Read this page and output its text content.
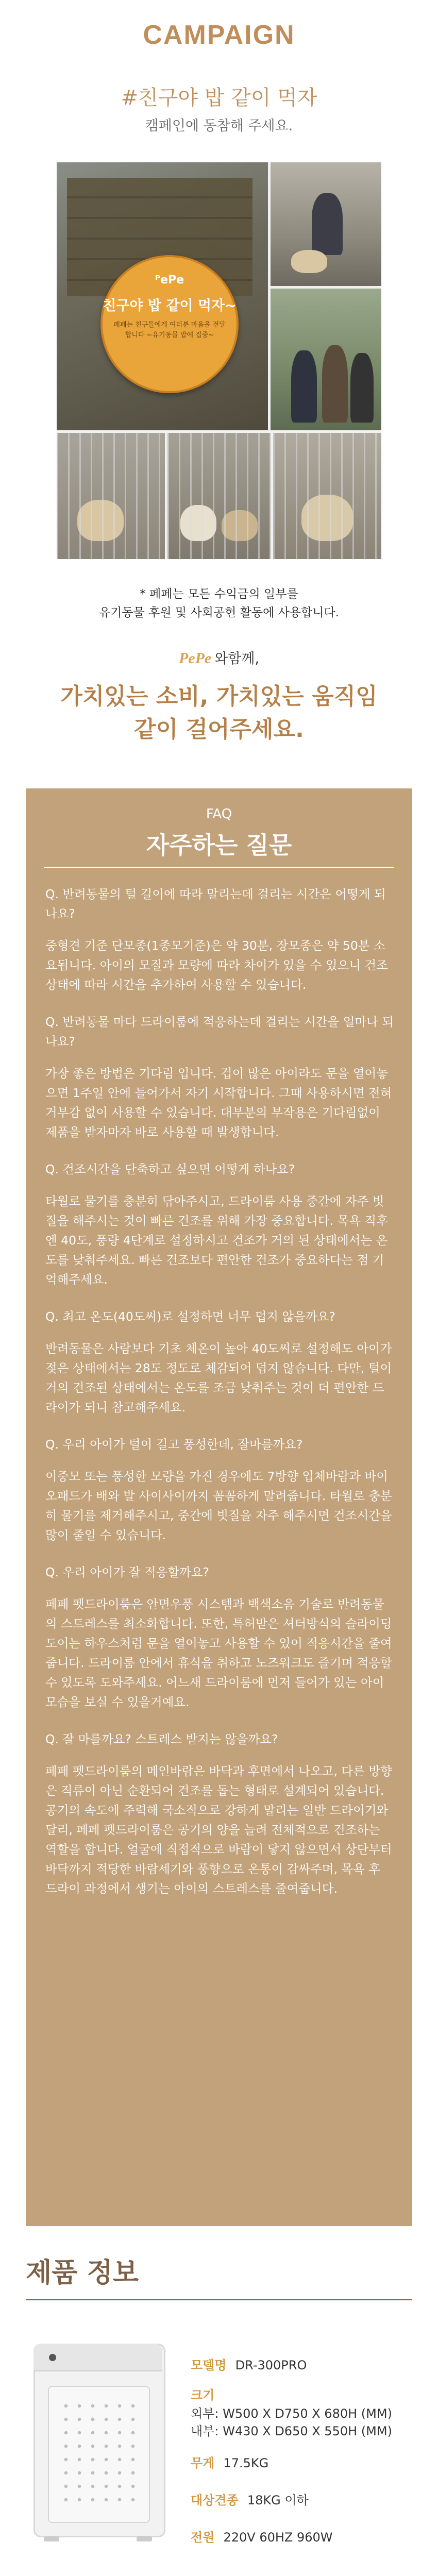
CAMPAIGN
#친구야 밥 같이 먹자
캠페인에 동참해 주세요.
ᴾePe
친구야 밥 같이 먹자~
페페는 친구들에게 여러분 마음을 전달합니다 ~유기동물 밥에 집중~
* 페페는 모든 수익금의 일부를
유기동물 후원 및 사회공헌 활동에 사용합니다.
PePe 와함께,
가치있는 소비, 가치있는 움직임
같이 걸어주세요.
FAQ
자주하는 질문

Q. 반려동물의 털 길이에 따라 말리는데 걸리는 시간은 어떻게 되나요?

중형견 기준 단모종(1종모기준)은 약 30분, 장모종은 약 50분 소요됩니다. 아이의 모질과 모량에 따라 차이가 있을 수 있으니 건조 상태에 따라 시간을 추가하여 사용할 수 있습니다.

Q. 반려동물 마다 드라이룸에 적응하는데 걸리는 시간을 얼마나 되나요?

가장 좋은 방법은 기다림 입니다. 겁이 많은 아이라도 문을 열어놓으면 1주일 안에 들어가서 자기 시작합니다. 그때 사용하시면 전혀 거부감 없이 사용할 수 있습니다. 대부분의 부작용은 기다림없이 제품을 받자마자 바로 사용할 때 발생합니다.

Q. 건조시간을 단축하고 싶으면 어떻게 하나요?

타월로 물기를 충분히 닦아주시고, 드라이룸 사용 중간에 자주 빗질을 해주시는 것이 빠른 건조를 위해 가장 중요합니다. 목욕 직후엔 40도, 풍량 4단계로 설정하시고 건조가 거의 된 상태에서는 온도를 낮춰주세요. 빠른 건조보다 편안한 건조가 중요하다는 점 기억해주세요.

Q. 최고 온도(40도씨)로 설정하면 너무 덥지 않을까요?

반려동물은 사람보다 기초 체온이 높아 40도씨로 설정해도 아이가 젖은 상태에서는 28도 정도로 체감되어 덥지 않습니다. 다만, 털이 거의 건조된 상태에서는 온도를 조금 낮춰주는 것이 더 편안한 드라이가 되니 참고해주세요.

Q. 우리 아이가 털이 길고 풍성한데, 잘마를까요?

이중모 또는 풍성한 모량을 가진 경우에도 7방향 입체바람과 바이오패드가 배와 발 사이사이까지 꼼꼼하게 말려줍니다. 타월로 충분히 물기를 제거해주시고, 중간에 빗질을 자주 해주시면 건조시간을 많이 줄일 수 있습니다.

Q. 우리 아이가 잘 적응할까요?

페페 펫드라이룸은 안면우풍 시스템과 백색소음 기술로 반려동물의 스트레스를 최소화합니다. 또한, 특허받은 셔터방식의 슬라이딩 도어는 하우스처럼 문을 열어놓고 사용할 수 있어 적응시간을 줄여줍니다. 드라이룸 안에서 휴식을 취하고 노즈워크도 즐기며 적응할 수 있도록 도와주세요. 어느새 드라이룸에 먼저 들어가 있는 아이 모습을 보실 수 있을거예요.

Q. 잘 마를까요? 스트레스 받지는 않을까요?

페페 펫드라이룸의 메인바람은 바닥과 후면에서 나오고, 다른 방향은 직류이 아닌 순환되어 건조를 돕는 형태로 설계되어 있습니다. 공기의 속도에 주력해 국소적으로 강하게 말리는 일반 드라이기와 달리, 페페 펫드라이룸은 공기의 양을 늘려 전체적으로 건조하는 역할을 합니다. 얼굴에 직접적으로 바람이 닿지 않으면서 상단부터 바닥까지 적당한 바람세기와 풍향으로 온통이 감싸주며, 목욕 후 드라이 과정에서 생기는 아이의 스트레스를 줄여줍니다.

제품 정보
모델명 DR-300PRO
크기
외부: W500 X D750 X 680H (MM)
내부: W430 X D650 X 550H (MM)
무게 17.5KG
대상견종 18KG 이하
전원 220V 60HZ 960W
